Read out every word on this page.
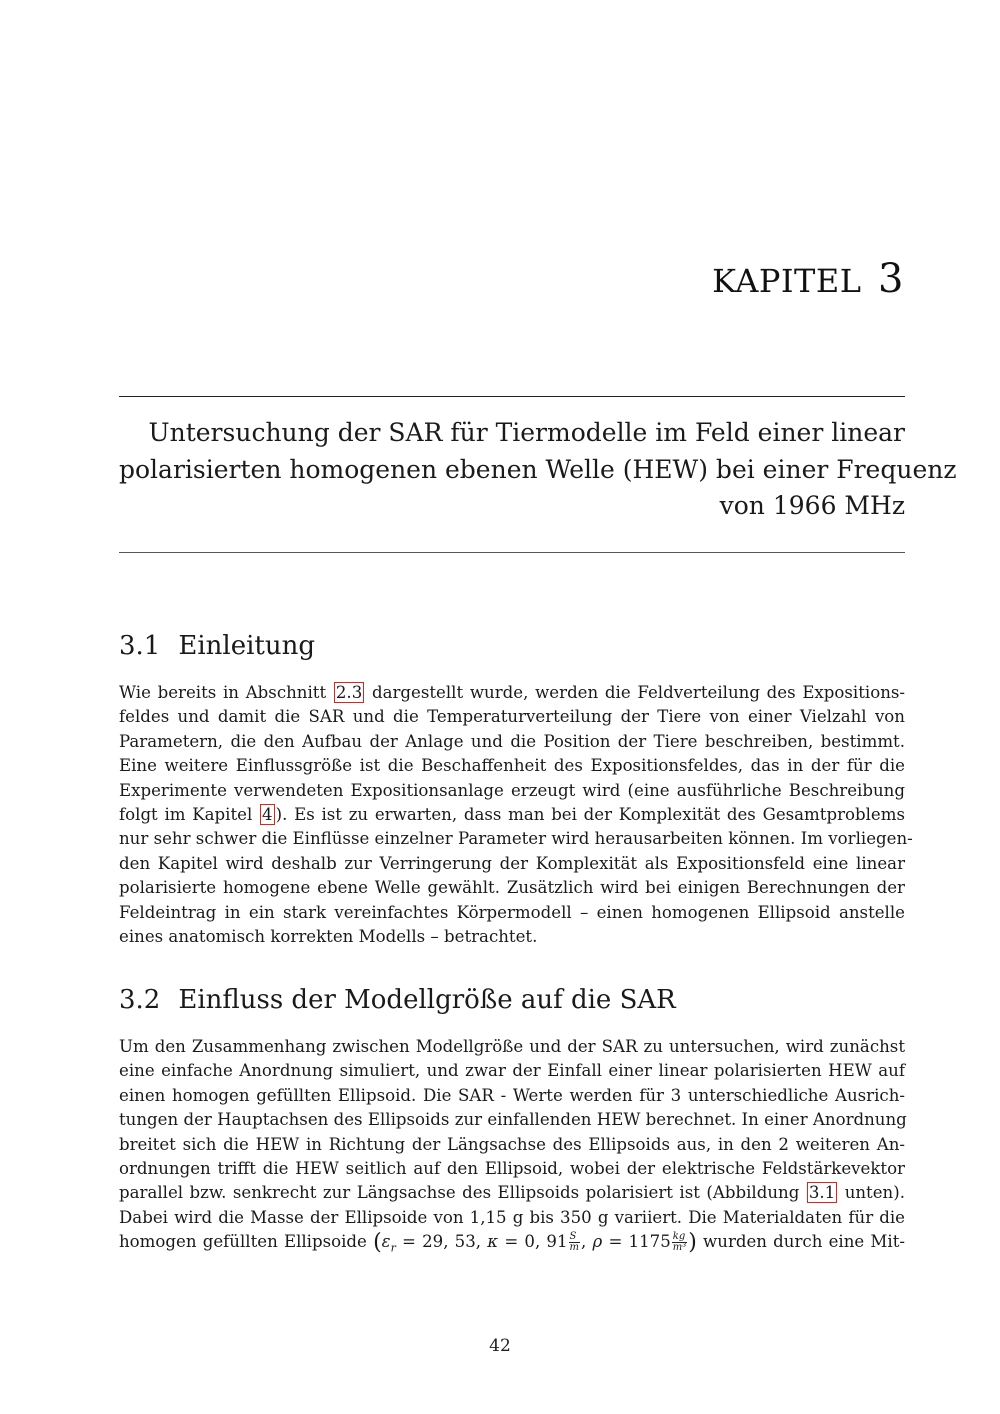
KAPITEL 3
Untersuchung der SAR für Tiermodelle im Feld einer linear
polarisierten homogenen ebenen Welle (HEW) bei einer Frequenz
von 1966 MHz
3.1 Einleitung
Wie bereits in Abschnitt 2.3 dargestellt wurde, werden die Feldverteilung des Expositions-
feldes und damit die SAR und die Temperaturverteilung der Tiere von einer Vielzahl von
Parametern, die den Aufbau der Anlage und die Position der Tiere beschreiben, bestimmt.
Eine weitere Einflussgröße ist die Beschaffenheit des Expositionsfeldes, das in der für die
Experimente verwendeten Expositionsanlage erzeugt wird (eine ausführliche Beschreibung
folgt im Kapitel 4 ). Es ist zu erwarten, dass man bei der Komplexität des Gesamtproblems
nur sehr schwer die Einflüsse einzelner Parameter wird herausarbeiten können. Im vorliegen-
den Kapitel wird deshalb zur Verringerung der Komplexität als Expositionsfeld eine linear
polarisierte homogene ebene Welle gewählt. Zusätzlich wird bei einigen Berechnungen der
Feldeintrag in ein stark vereinfachtes Körpermodell – einen homogenen Ellipsoid anstelle
eines anatomisch korrekten Modells – betrachtet.
3.2 Einfluss der Modellgröße auf die SAR
Um den Zusammenhang zwischen Modellgröße und der SAR zu untersuchen, wird zunächst
eine einfache Anordnung simuliert, und zwar der Einfall einer linear polarisierten HEW auf
einen homogen gefüllten Ellipsoid. Die SAR - Werte werden für 3 unterschiedliche Ausrich-
tungen der Hauptachsen des Ellipsoids zur einfallenden HEW berechnet. In einer Anordnung
breitet sich die HEW in Richtung der Längsachse des Ellipsoids aus, in den 2 weiteren An-
ordnungen trifft die HEW seitlich auf den Ellipsoid, wobei der elektrische Feldstärkevektor
parallel bzw. senkrecht zur Längsachse des Ellipsoids polarisiert ist (Abbildung 3.1 unten).
Dabei wird die Masse der Ellipsoide von 1,15 g bis 350 g variiert. Die Materialdaten für die
homogen gefüllten Ellipsoide ($\varepsilon_r = 29$, 53, κ = 0, $91 \frac{S}{m}$ , $\rho = 1175 \frac{kg}{\text{m³}}$ ) wurden durch eine Mit-
42
